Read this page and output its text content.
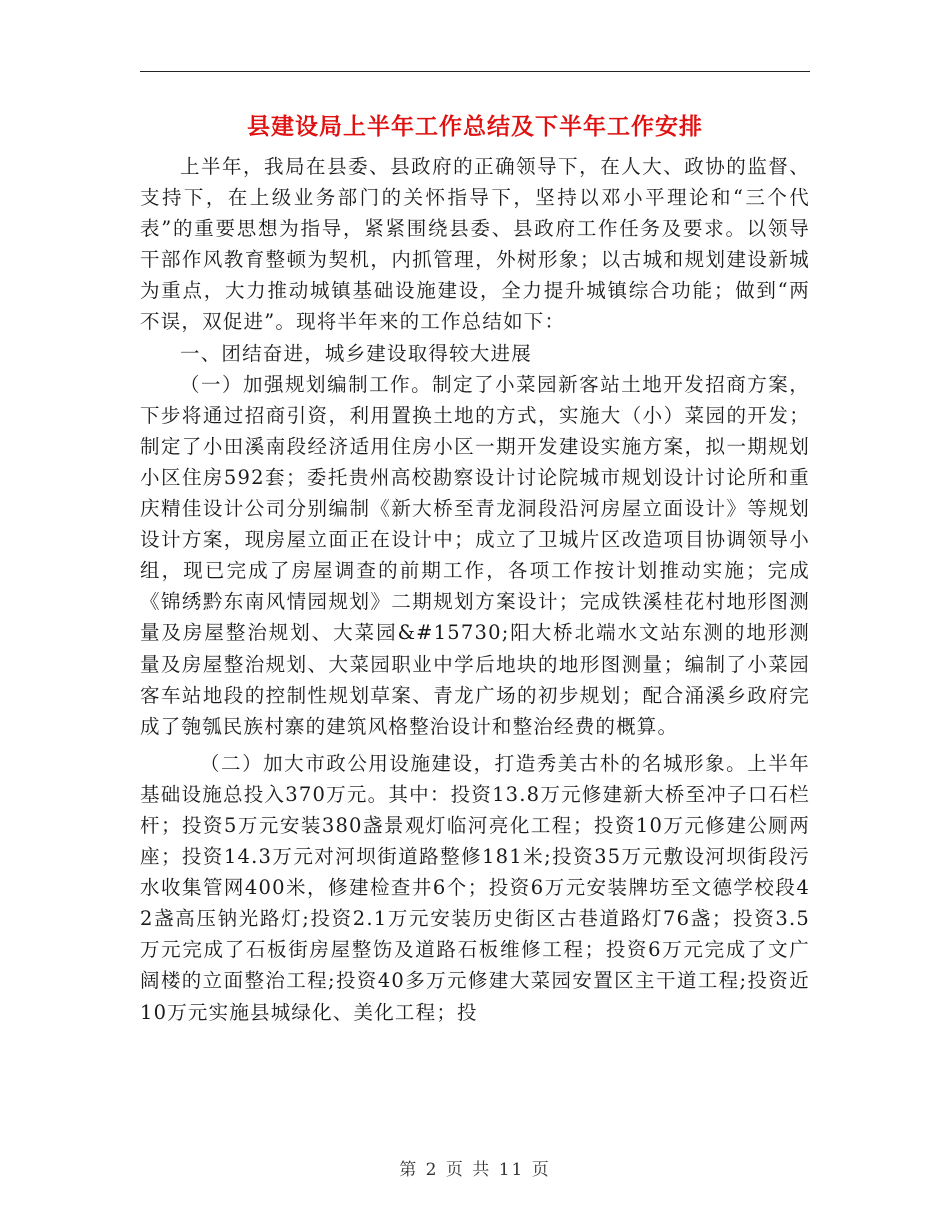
县建设局上半年工作总结及下半年工作安排

上半年，我局在县委、县政府的正确领导下，在人大、政协的监督、支持下，在上级业务部门的关怀指导下，坚持以邓小平理论和“三个代表”的重要思想为指导，紧紧围绕县委、县政府工作任务及要求。以领导干部作风教育整顿为契机，内抓管理，外树形象；以古城和规划建设新城为重点，大力推动城镇基础设施建设，全力提升城镇综合功能；做到“两不误，双促进”。现将半年来的工作总结如下：

一、团结奋进，城乡建设取得较大进展

（一）加强规划编制工作。制定了小菜园新客站土地开发招商方案，下步将通过招商引资，利用置换土地的方式，实施大（小）菜园的开发；制定了小田溪南段经济适用住房小区一期开发建设实施方案，拟一期规划小区住房592套；委托贵州高校勘察设计讨论院城市规划设计讨论所和重庆精佳设计公司分别编制《新大桥至青龙洞段沿河房屋立面设计》等规划设计方案，现房屋立面正在设计中；成立了卫城片区改造项目协调领导小组，现已完成了房屋调查的前期工作，各项工作按计划推动实施；完成《锦绣黔东南风情园规划》二期规划方案设计；完成铁溪桂花村地形图测量及房屋整治规划、大菜园&#15730;阳大桥北端水文站东测的地形测量及房屋整治规划、大菜园职业中学后地块的地形图测量；编制了小菜园客车站地段的控制性规划草案、青龙广场的初步规划；配合涌溪乡政府完成了匏瓠民族村寨的建筑风格整治设计和整治经费的概算。

（二）加大市政公用设施建设，打造秀美古朴的名城形象。上半年基础设施总投入370万元。其中：投资13.8万元修建新大桥至冲子口石栏杆；投资5万元安装380盏景观灯临河亮化工程；投资10万元修建公厕两座；投资14.3万元对河坝街道路整修181米;投资35万元敷设河坝街段污水收集管网400米，修建检查井6个；投资6万元安装牌坊至文德学校段42盏高压钠光路灯;投资2.1万元安装历史街区古巷道路灯76盏；投资3.5万元完成了石板街房屋整饬及道路石板维修工程；投资6万元完成了文广阔楼的立面整治工程;投资40多万元修建大菜园安置区主干道工程;投资近10万元实施县城绿化、美化工程；投

第 2 页 共 11 页
